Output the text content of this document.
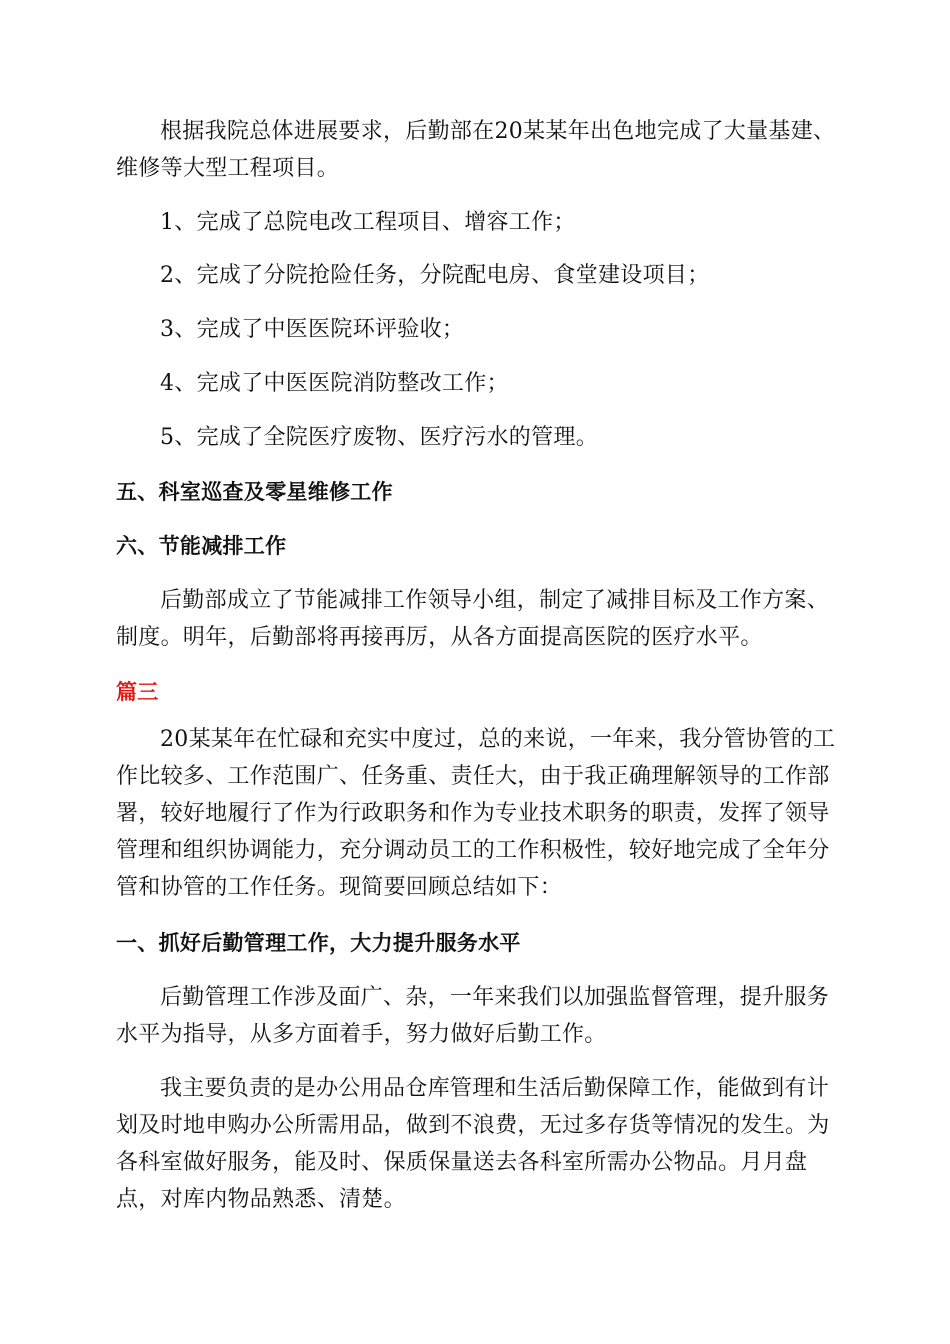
根据我院总体进展要求，后勤部在20某某年出色地完成了大量基建、维修等大型工程项目。

1、完成了总院电改工程项目、增容工作；

2、完成了分院抢险任务，分院配电房、食堂建设项目；

3、完成了中医医院环评验收；

4、完成了中医医院消防整改工作；

5、完成了全院医疗废物、医疗污水的管理。

五、科室巡查及零星维修工作

六、节能减排工作

后勤部成立了节能减排工作领导小组，制定了减排目标及工作方案、制度。明年，后勤部将再接再厉，从各方面提高医院的医疗水平。

篇三

20某某年在忙碌和充实中度过，总的来说，一年来，我分管协管的工作比较多、工作范围广、任务重、责任大，由于我正确理解领导的工作部署，较好地履行了作为行政职务和作为专业技术职务的职责，发挥了领导管理和组织协调能力，充分调动员工的工作积极性，较好地完成了全年分管和协管的工作任务。现简要回顾总结如下：

一、抓好后勤管理工作，大力提升服务水平

后勤管理工作涉及面广、杂，一年来我们以加强监督管理，提升服务水平为指导，从多方面着手，努力做好后勤工作。

我主要负责的是办公用品仓库管理和生活后勤保障工作，能做到有计划及时地申购办公所需用品，做到不浪费，无过多存货等情况的发生。为各科室做好服务，能及时、保质保量送去各科室所需办公物品。月月盘点，对库内物品熟悉、清楚。
